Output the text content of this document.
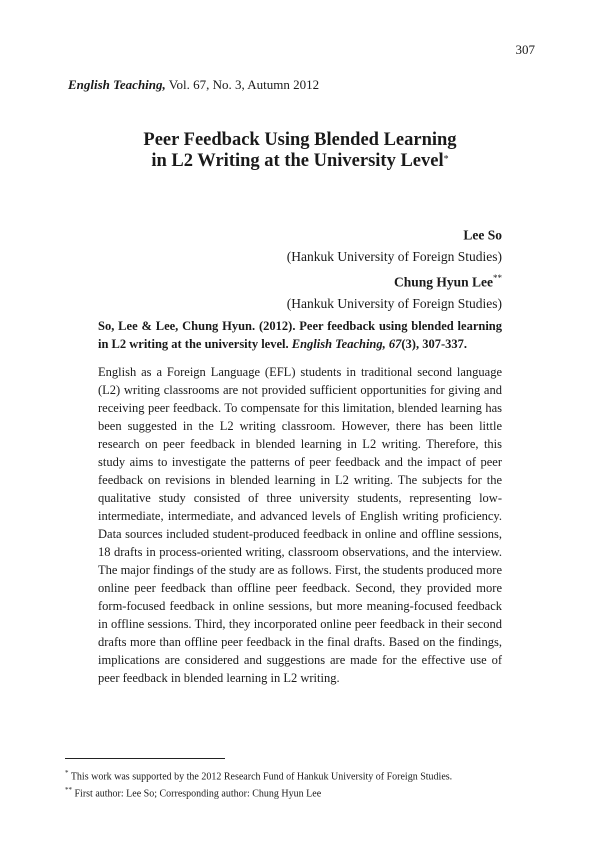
307
English Teaching, Vol. 67, No. 3, Autumn 2012
Peer Feedback Using Blended Learning
in L2 Writing at the University Level*
Lee So
(Hankuk University of Foreign Studies)
Chung Hyun Lee**
(Hankuk University of Foreign Studies)
So, Lee & Lee, Chung Hyun. (2012). Peer feedback using blended learning in L2 writing at the university level. English Teaching, 67(3), 307-337.
English as a Foreign Language (EFL) students in traditional second language (L2) writing classrooms are not provided sufficient opportunities for giving and receiving peer feedback. To compensate for this limitation, blended learning has been suggested in the L2 writing classroom. However, there has been little research on peer feedback in blended learning in L2 writing. Therefore, this study aims to investigate the patterns of peer feedback and the impact of peer feedback on revisions in blended learning in L2 writing. The subjects for the qualitative study consisted of three university students, representing low- intermediate, intermediate, and advanced levels of English writing proficiency. Data sources included student-produced feedback in online and offline sessions, 18 drafts in process-oriented writing, classroom observations, and the interview. The major findings of the study are as follows. First, the students produced more online peer feedback than offline peer feedback. Second, they provided more form-focused feedback in online sessions, but more meaning-focused feedback in offline sessions. Third, they incorporated online peer feedback in their second drafts more than offline peer feedback in the final drafts. Based on the findings, implications are considered and suggestions are made for the effective use of peer feedback in blended learning in L2 writing.
* This work was supported by the 2012 Research Fund of Hankuk University of Foreign Studies.
** First author: Lee So; Corresponding author: Chung Hyun Lee
